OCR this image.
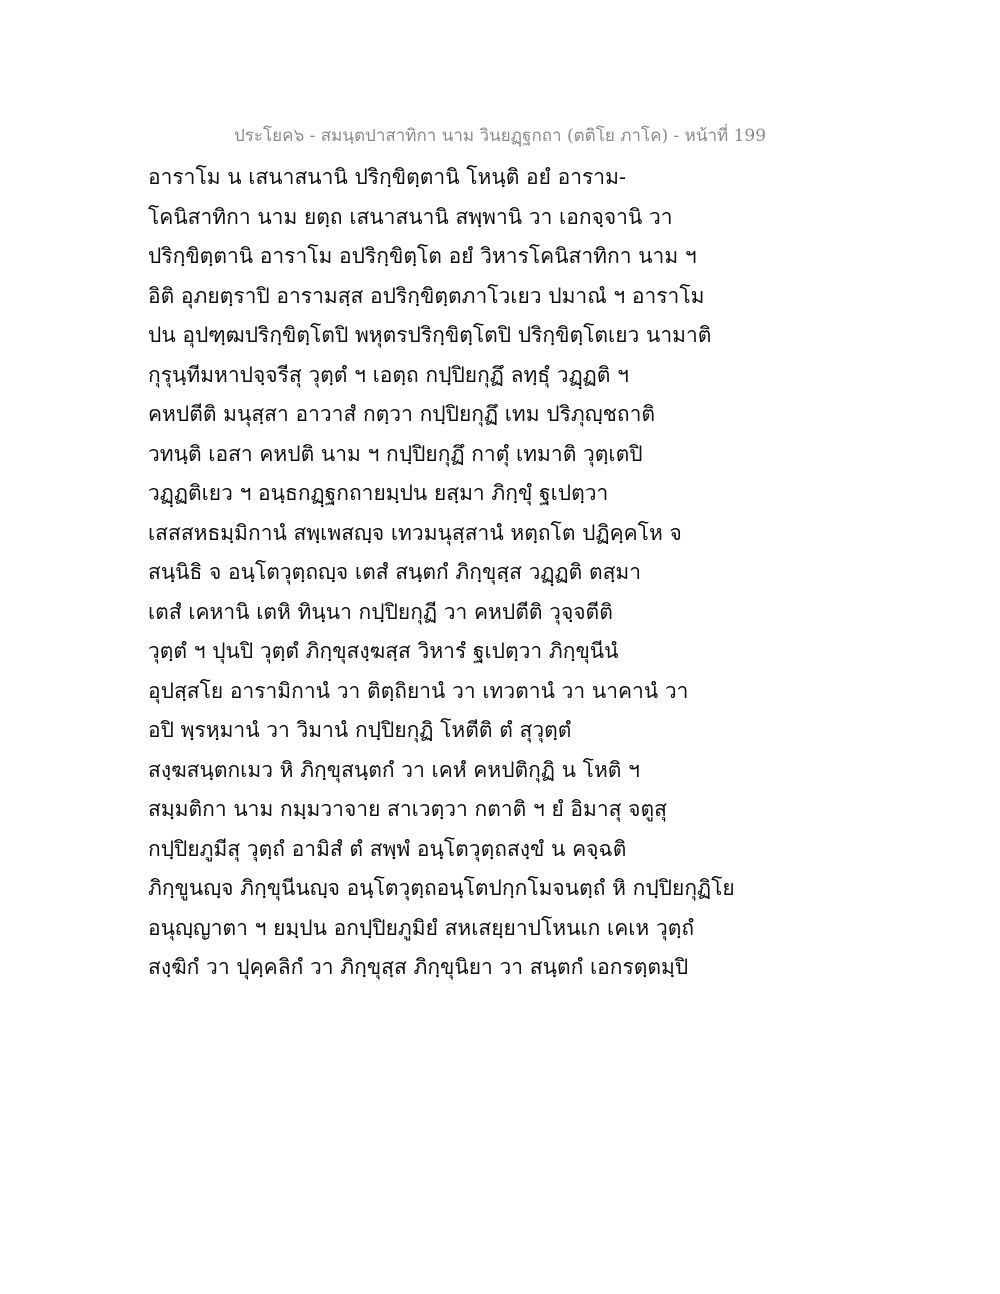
ประโยค๖ - สมนฺตปาสาทิกา นาม วินยฏฺฐกถา (ตติโย ภาโค) - หน้าที่ 199
อาราโม น เสนาสนานิ ปริกฺขิตฺตานิ โหนฺติ อยํ อาราม-
โคนิสาทิกา นาม ยตฺถ เสนาสนานิ สพฺพานิ วา เอกจฺจานิ วา
ปริกฺขิตฺตานิ อาราโม อปริกฺขิตฺโต อยํ วิหารโคนิสาทิกา นาม ฯ
อิติ อุภยตฺราปิ อารามสฺส อปริกฺขิตฺตภาโวเยว ปมาณํ ฯ อาราโม
ปน อุปฑฺฒปริกฺขิตฺโตปิ พหุตรปริกฺขิตฺโตปิ ปริกฺขิตฺโตเยว นามาติ
กุรุนฺทีมหาปจฺจรีสุ วุตฺตํ ฯ เอตฺถ กปฺปิยกุฏึ ลทฺธุํ วฏฺฏติ ฯ
คหปตีติ มนุสฺสา อาวาสํ กตฺวา กปฺปิยกุฏึ เทม ปริภุญฺชถาติ
วทนฺติ เอสา คหปติ นาม ฯ กปฺปิยกุฏึ กาตุํ เทมาติ วุตฺเตปิ
วฏฺฏติเยว ฯ อนฺธกฏฺฐกถายมฺปน ยสฺมา ภิกฺขุํ ฐเปตฺวา
เสสสหธมฺมิกานํ สพฺเพสญฺจ เทวมนุสฺสานํ หตฺถโต ปฏิคฺคโห จ
สนฺนิธิ จ อนฺโตวุตฺถญฺจ เตสํ สนฺตกํ ภิกฺขุสฺส วฏฺฏติ ตสฺมา
เตสํ เคหานิ เตหิ ทินฺนา กปฺปิยกุฏี วา คหปตีติ วุจฺจตีติ
วุตฺตํ ฯ ปุนปิ วุตฺตํ ภิกฺขุสงฺฆสฺส วิหารํ ฐเปตฺวา ภิกฺขุนีนํ
อุปสฺสโย อารามิกานํ วา ติตฺถิยานํ วา เทวตานํ วา นาคานํ วา
อปิ พฺรหฺมานํ วา วิมานํ กปฺปิยกุฏิ โหตีติ ตํ สุวุตฺตํ
สงฺฆสนฺตกเมว หิ ภิกฺขุสนฺตกํ วา เคหํ คหปติกุฏิ น โหติ ฯ
สมฺมติกา นาม กมฺมวาจาย สาเวตฺวา กตาติ ฯ ยํ อิมาสุ จตูสุ
กปฺปิยภูมีสุ วุตฺถํ อามิสํ ตํ สพฺพํ อนฺโตวุตฺถสงฺขํ น คจฺฉติ
ภิกฺขูนญฺจ ภิกฺขุนีนญฺจ อนฺโตวุตฺถอนฺโตปกฺกโมจนตฺถํ หิ กปฺปิยกุฏิโย
อนุญฺญาตา ฯ ยมฺปน อกปฺปิยภูมิยํ สหเสยฺยาปโหนเก เคเห วุตฺถํ
สงฺฆิกํ วา ปุคฺคลิกํ วา ภิกฺขุสฺส ภิกฺขุนิยา วา สนฺตกํ เอกรตฺตมฺปิ
